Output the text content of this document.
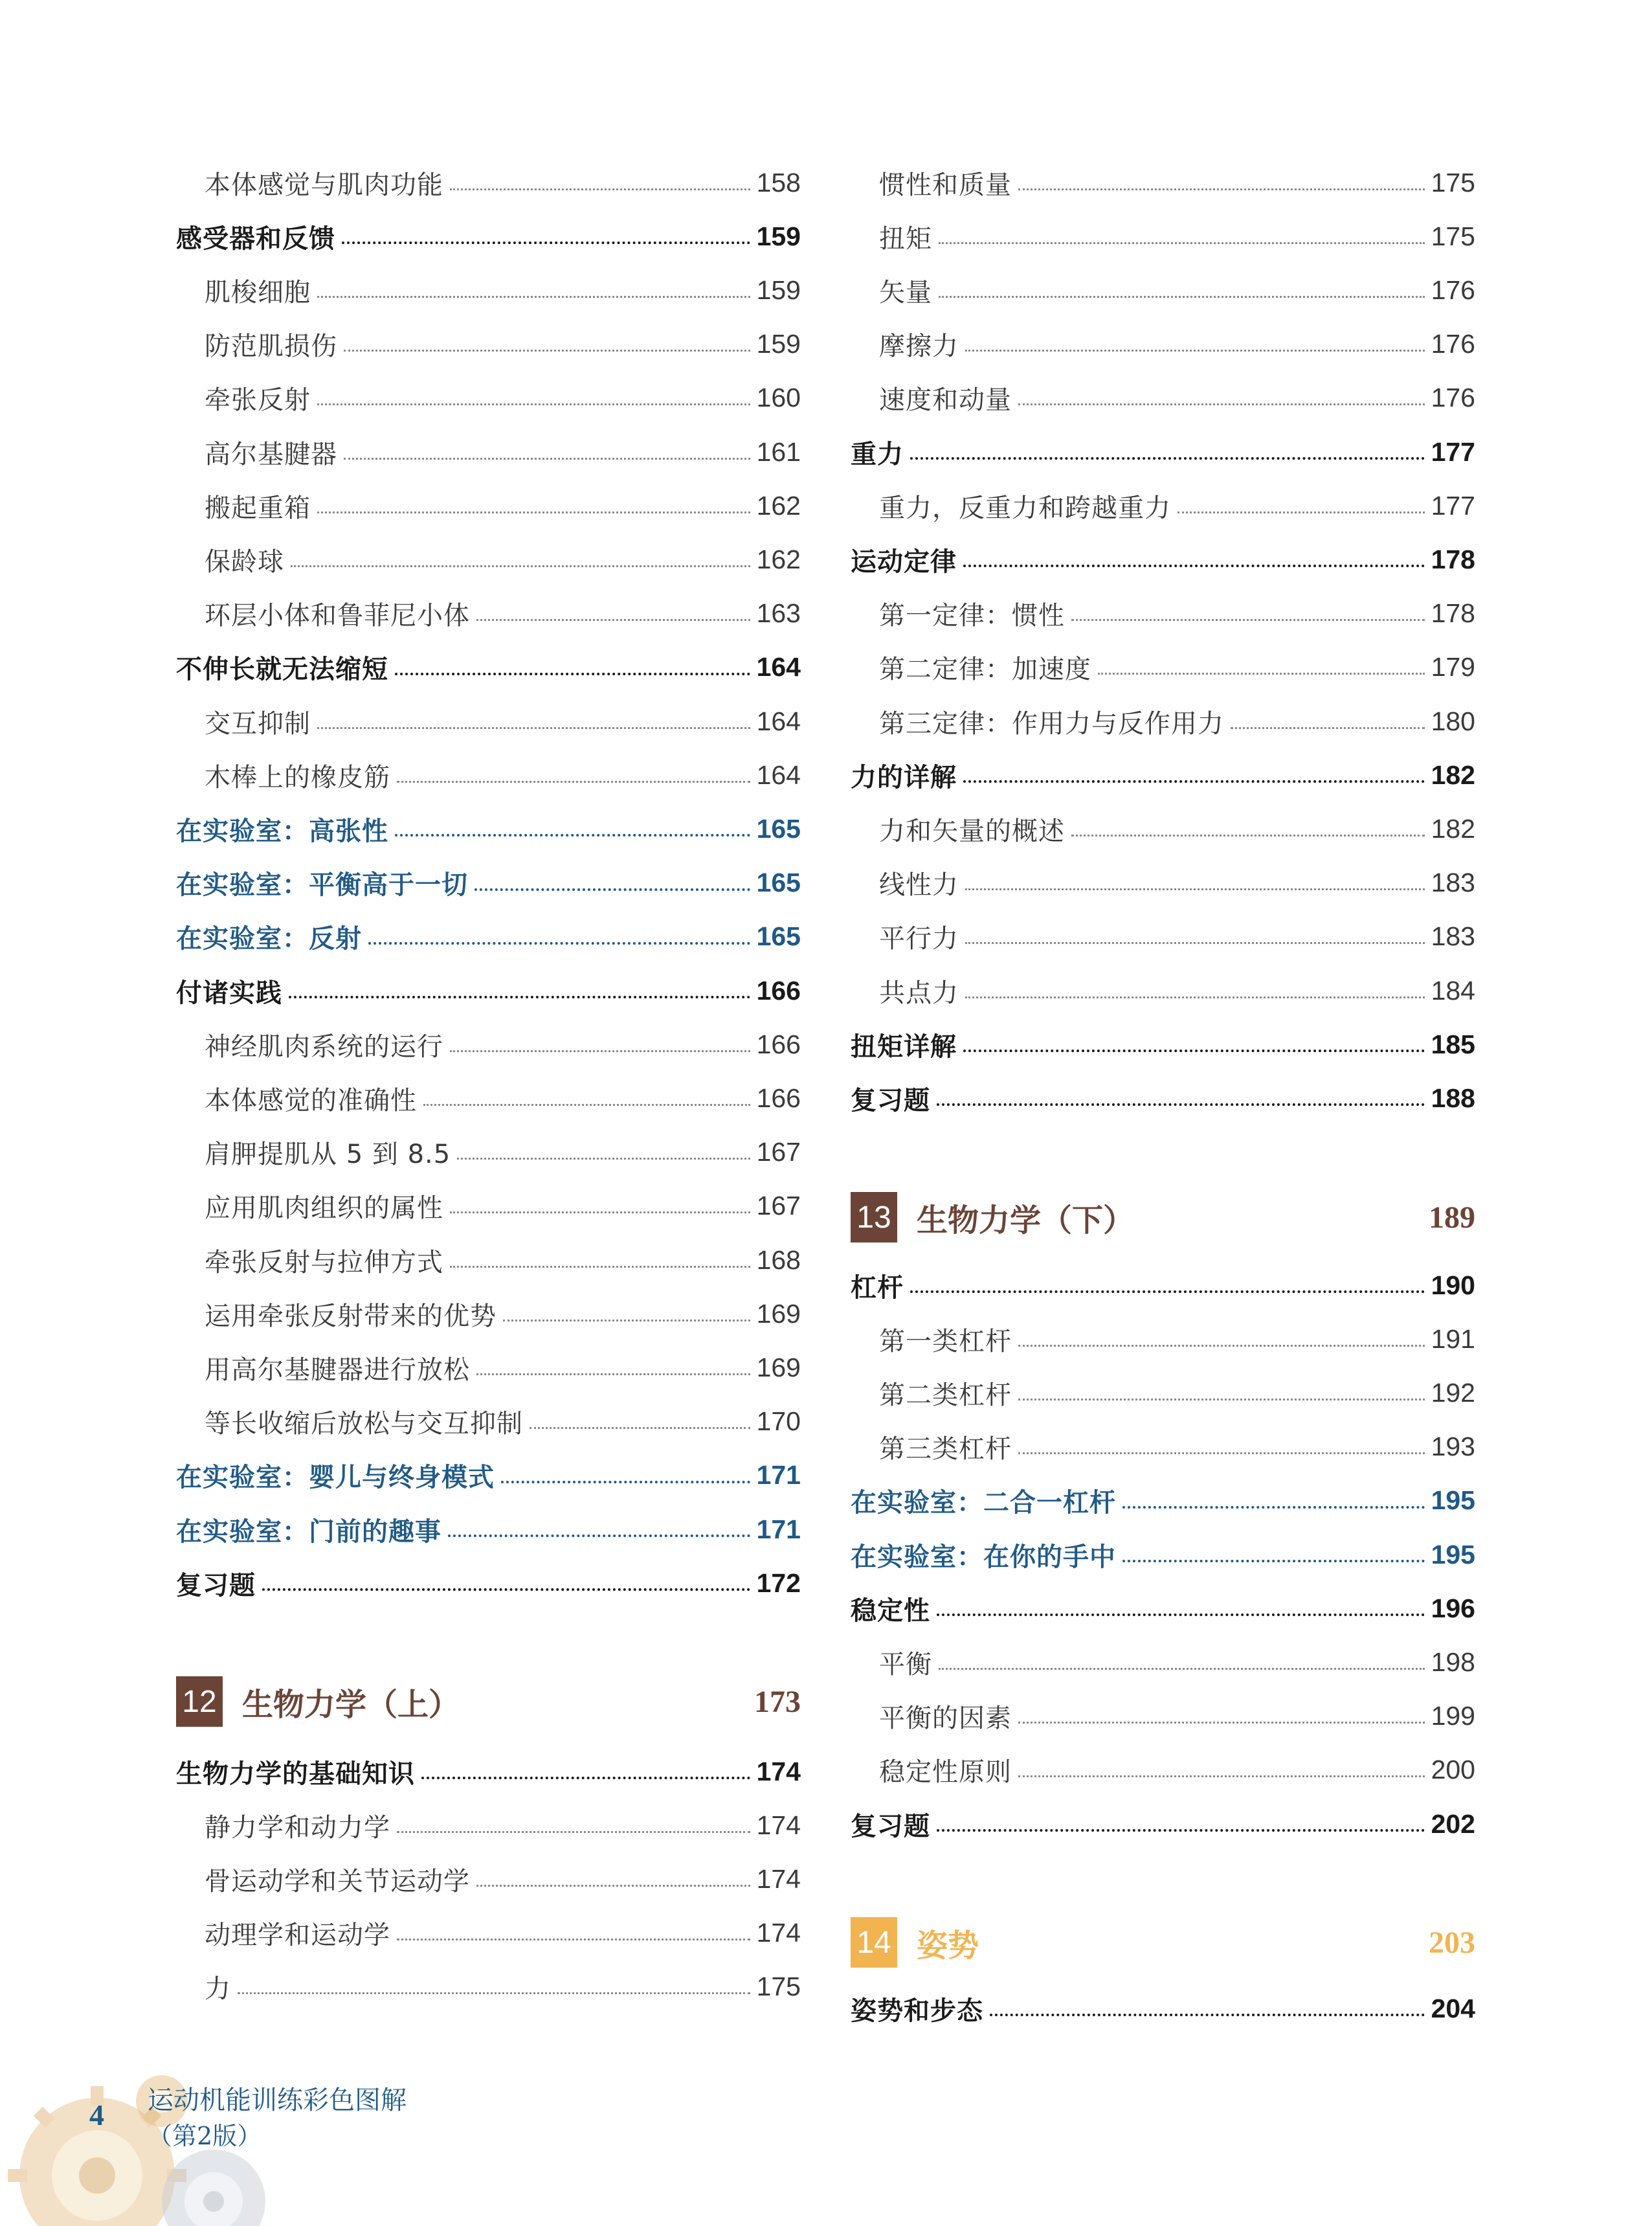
本体感觉与肌肉功能	158
感受器和反馈	159
肌梭细胞	159
防范肌损伤	159
牵张反射	160
高尔基腱器	161
搬起重箱	162
保龄球	162
环层小体和鲁菲尼小体	163
不伸长就无法缩短	164
交互抑制	164
木棒上的橡皮筋	164
在实验室：高张性	165
在实验室：平衡高于一切	165
在实验室：反射	165
付诸实践	166
神经肌肉系统的运行	166
本体感觉的准确性	166
肩胛提肌从 5 到 8.5	167
应用肌肉组织的属性	167
牵张反射与拉伸方式	168
运用牵张反射带来的优势	169
用高尔基腱器进行放松	169
等长收缩后放松与交互抑制	170
在实验室：婴儿与终身模式	171
在实验室：门前的趣事	171
复习题	172
12 生物力学（上）	173
生物力学的基础知识	174
静力学和动力学	174
骨运动学和关节运动学	174
动理学和运动学	174
力	175
惯性和质量	175
扭矩	175
矢量	176
摩擦力	176
速度和动量	176
重力	177
重力，反重力和跨越重力	177
运动定律	178
第一定律：惯性	178
第二定律：加速度	179
第三定律：作用力与反作用力	180
力的详解	182
力和矢量的概述	182
线性力	183
平行力	183
共点力	184
扭矩详解	185
复习题	188
13 生物力学（下）	189
杠杆	190
第一类杠杆	191
第二类杠杆	192
第三类杠杆	193
在实验室：二合一杠杆	195
在实验室：在你的手中	195
稳定性	196
平衡	198
平衡的因素	199
稳定性原则	200
复习题	202
14 姿势	203
姿势和步态	204
4 运动机能训练彩色图解
（第2版）
